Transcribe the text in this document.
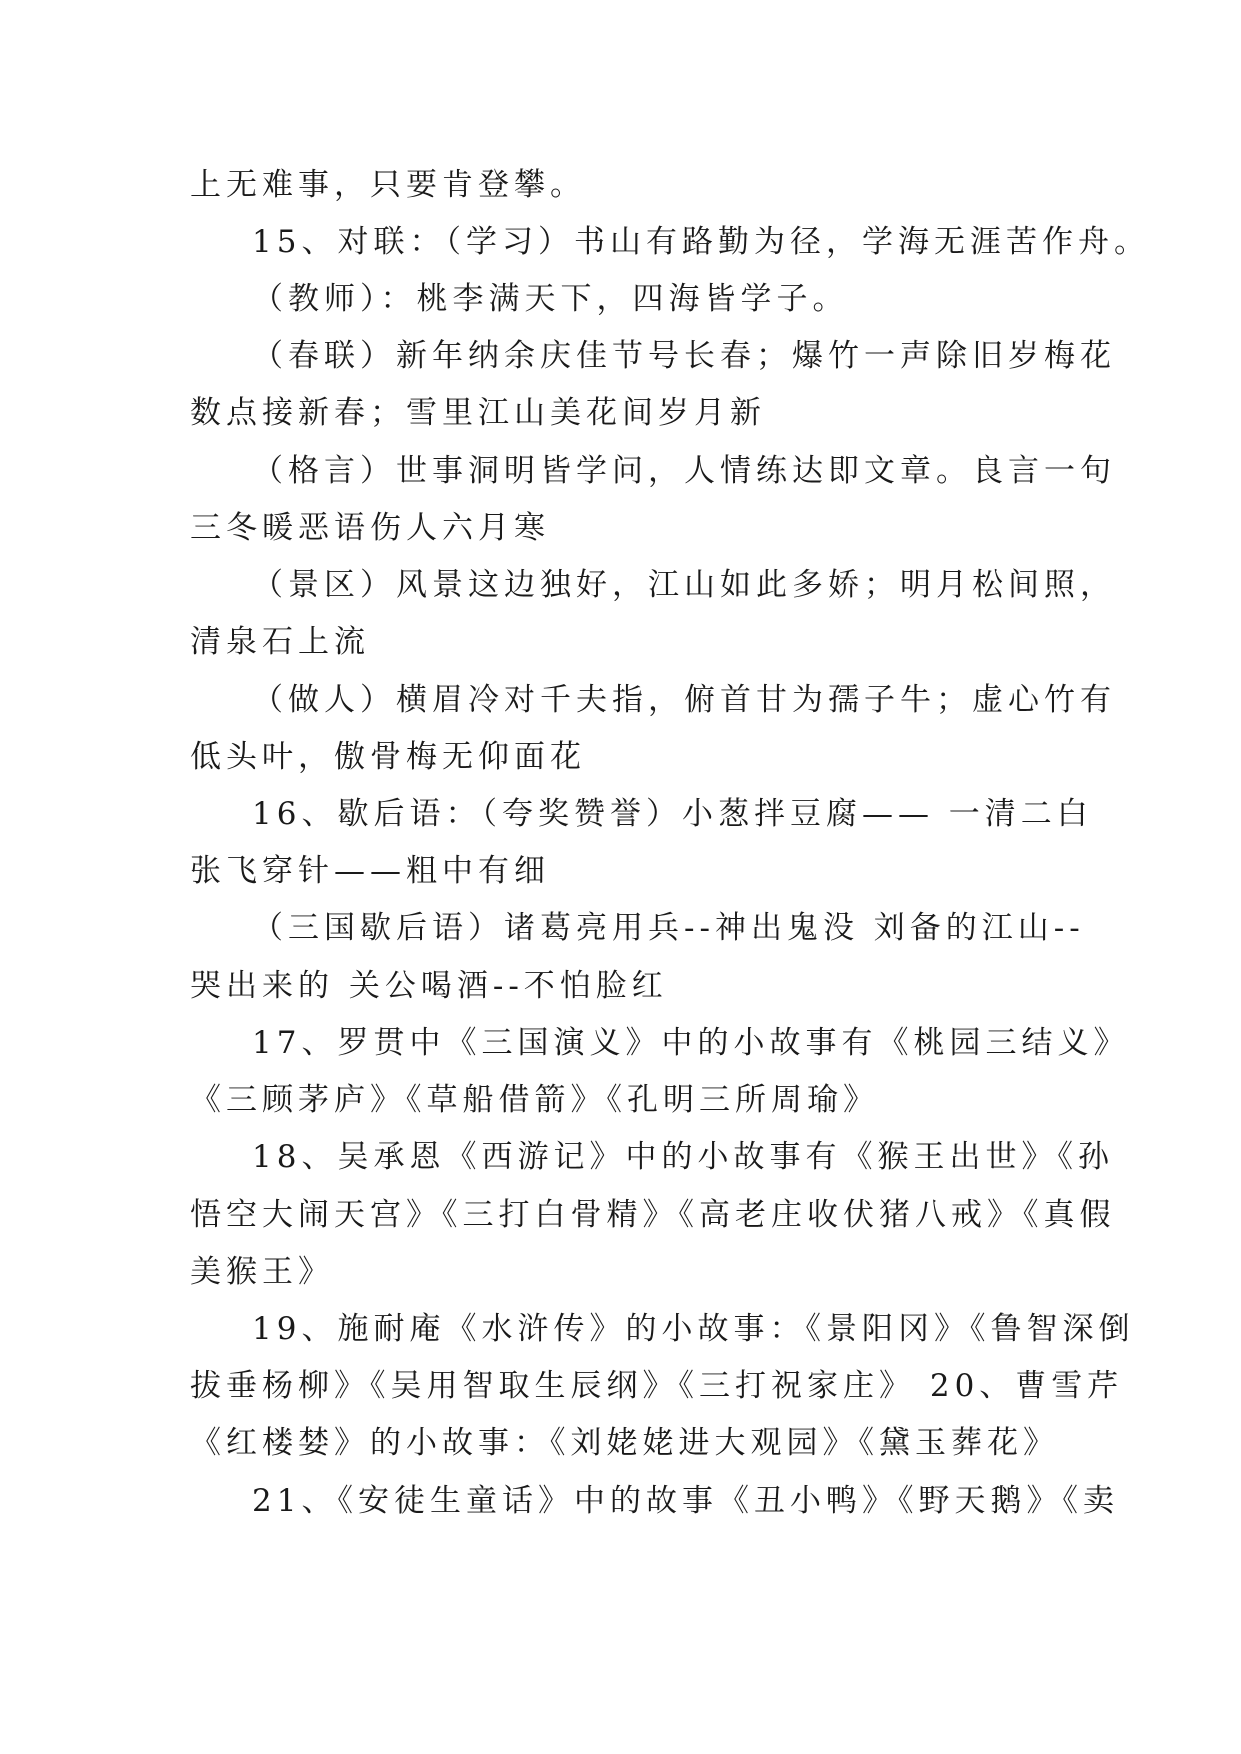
上无难事，只要肯登攀。
15、对联：（学习）书山有路勤为径，学海无涯苦作舟。
（教师）：桃李满天下，四海皆学子。
（春联）新年纳余庆佳节号长春；爆竹一声除旧岁梅花
数点接新春；雪里江山美花间岁月新
（格言）世事洞明皆学问，人情练达即文章。良言一句
三冬暖恶语伤人六月寒
（景区）风景这边独好，江山如此多娇；明月松间照，
清泉石上流
（做人）横眉冷对千夫指，俯首甘为孺子牛；虚心竹有
低头叶，傲骨梅无仰面花
16、歇后语：（夸奖赞誉）小葱拌豆腐—— 一清二白
张飞穿针——粗中有细
（三国歇后语）诸葛亮用兵--神出鬼没 刘备的江山--
哭出来的 关公喝酒--不怕脸红
17、罗贯中《三国演义》中的小故事有《桃园三结义》
《三顾茅庐》《草船借箭》《孔明三所周瑜》
18、吴承恩《西游记》中的小故事有《猴王出世》《孙
悟空大闹天宫》《三打白骨精》《高老庄收伏猪八戒》《真假
美猴王》
19、施耐庵《水浒传》的小故事：《景阳冈》《鲁智深倒
拔垂杨柳》《吴用智取生辰纲》《三打祝家庄》 20、曹雪芹
《红楼婪》的小故事：《刘姥姥进大观园》《黛玉葬花》
21、《安徒生童话》中的故事《丑小鸭》《野天鹅》《卖
